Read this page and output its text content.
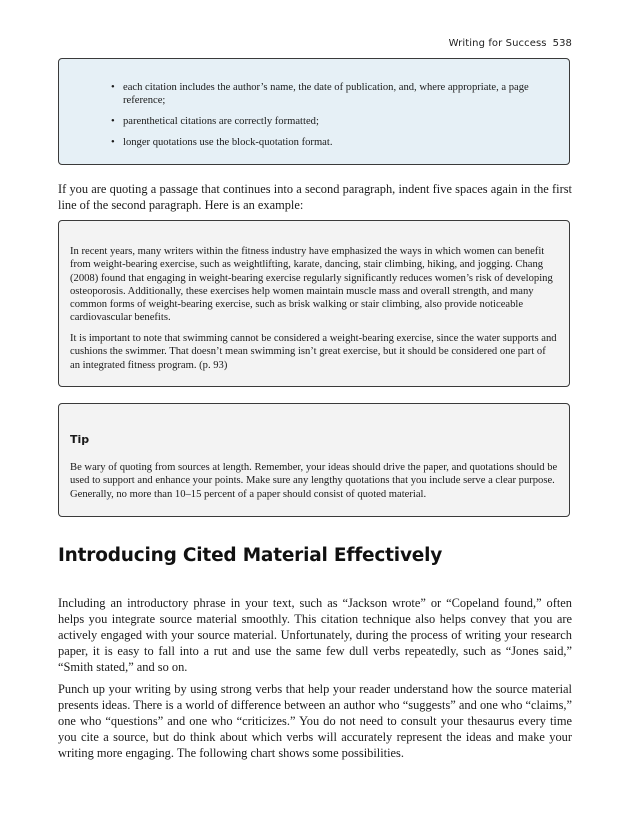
Writing for Success 538
• each citation includes the author’s name, the date of publication, and, where appropriate, a page reference;
• parenthetical citations are correctly formatted;
• longer quotations use the block-quotation format.

If you are quoting a passage that continues into a second paragraph, indent five spaces again in the first line of the second paragraph. Here is an example:

In recent years, many writers within the fitness industry have emphasized the ways in which women can benefit from weight-bearing exercise, such as weightlifting, karate, dancing, stair climbing, hiking, and jogging. Chang (2008) found that engaging in weight-bearing exercise regularly significantly reduces women’s risk of developing osteoporosis. Additionally, these exercises help women maintain muscle mass and overall strength, and many common forms of weight-bearing exercise, such as brisk walking or stair climbing, also provide noticeable cardiovascular benefits.

It is important to note that swimming cannot be considered a weight-bearing exercise, since the water supports and cushions the swimmer. That doesn’t mean swimming isn’t great exercise, but it should be considered one part of an integrated fitness program. (p. 93)

Tip

Be wary of quoting from sources at length. Remember, your ideas should drive the paper, and quotations should be used to support and enhance your points. Make sure any lengthy quotations that you include serve a clear purpose. Generally, no more than 10–15 percent of a paper should consist of quoted material.

Introducing Cited Material Effectively

Including an introductory phrase in your text, such as “Jackson wrote” or “Copeland found,” often helps you integrate source material smoothly. This citation technique also helps convey that you are actively engaged with your source material. Unfortunately, during the process of writing your research paper, it is easy to fall into a rut and use the same few dull verbs repeatedly, such as “Jones said,” “Smith stated,” and so on.

Punch up your writing by using strong verbs that help your reader understand how the source material presents ideas. There is a world of difference between an author who “suggests” and one who “claims,” one who “questions” and one who “criticizes.” You do not need to consult your thesaurus every time you cite a source, but do think about which verbs will accurately represent the ideas and make your writing more engaging. The following chart shows some possibilities.
